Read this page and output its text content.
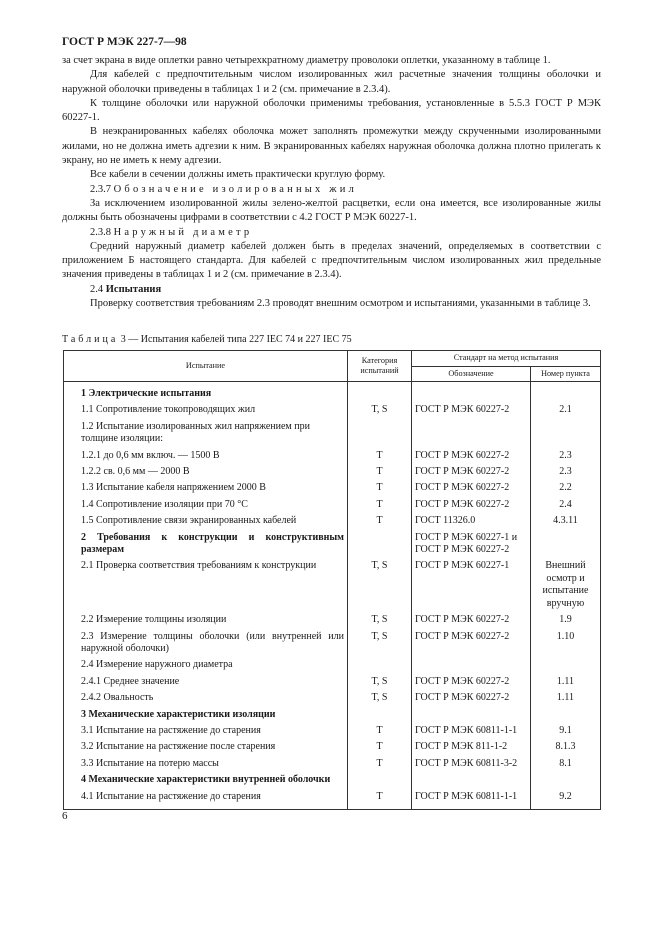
ГОСТ Р МЭК 227-7—98

за счет экрана в виде оплетки равно четырехкратному диаметру проволоки оплетки, указанному в таблице 1.

Для кабелей с предпочтительным числом изолированных жил расчетные значения толщины оболочки и наружной оболочки приведены в таблицах 1 и 2 (см. примечание в 2.3.4).

К толщине оболочки или наружной оболочки применимы требования, установленные в 5.5.3 ГОСТ Р МЭК 60227-1.

В неэкранированных кабелях оболочка может заполнять промежутки между скрученными изолированными жилами, но не должна иметь адгезии к ним. В экранированных кабелях наружная оболочка должна плотно прилегать к экрану, но не иметь к нему адгезии.

Все кабели в сечении должны иметь практически круглую форму.

2.3.7 Обозначение изолированных жил

За исключением изолированной жилы зелено-желтой расцветки, если она имеется, все изолированные жилы должны быть обозначены цифрами в соответствии с 4.2 ГОСТ Р МЭК 60227-1.

2.3.8 Наружный диаметр

Средний наружный диаметр кабелей должен быть в пределах значений, определяемых в соответствии с приложением Б настоящего стандарта. Для кабелей с предпочтительным числом изолированных жил предельные значения приведены в таблицах 1 и 2 (см. примечание в 2.3.4).

2.4 Испытания

Проверку соответствия требованиям 2.3 проводят внешним осмотром и испытаниями, указанными в таблице 3.

Таблица 3 — Испытания кабелей типа 227 IEC 74 и 227 IEC 75
Испытание	Категория испытаний	Стандарт на метод испытания	
		Обозначение	Номер пункта
1 Электрические испытания			
1.1 Сопротивление токопроводящих жил	T, S	ГОСТ Р МЭК 60227-2	2.1
1.2 Испытание изолированных жил напряжением при толщине изоляции:			
1.2.1 до 0,6 мм включ. — 1500 В	T	ГОСТ Р МЭК 60227-2	2.3
1.2.2 св. 0,6 мм — 2000 В	T	ГОСТ Р МЭК 60227-2	2.3
1.3 Испытание кабеля напряжением 2000 В	T	ГОСТ Р МЭК 60227-2	2.2
1.4 Сопротивление изоляции при 70 °С	T	ГОСТ Р МЭК 60227-2	2.4
1.5 Сопротивление связи экранированных кабелей	T	ГОСТ 11326.0	4.3.11
2 Требования к конструкции и конструктивным размерам		ГОСТ Р МЭК 60227-1 и ГОСТ Р МЭК 60227-2	
2.1 Проверка соответствия требованиям к конструкции	T, S	ГОСТ Р МЭК 60227-1	Внешний осмотр и испытание вручную
2.2 Измерение толщины изоляции	T, S	ГОСТ Р МЭК 60227-2	1.9
2.3 Измерение толщины оболочки (или внутренней или наружной оболочки)	T, S	ГОСТ Р МЭК 60227-2	1.10
2.4 Измерение наружного диаметра			
2.4.1 Среднее значение	T, S	ГОСТ Р МЭК 60227-2	1.11
2.4.2 Овальность	T, S	ГОСТ Р МЭК 60227-2	1.11
3 Механические характеристики изоляции			
3.1 Испытание на растяжение до старения	T	ГОСТ Р МЭК 60811-1-1	9.1
3.2 Испытание на растяжение после старения	T	ГОСТ Р МЭК 811-1-2	8.1.3
3.3 Испытание на потерю массы	T	ГОСТ Р МЭК 60811-3-2	8.1
4 Механические характеристики внутренней оболочки			
4.1 Испытание на растяжение до старения	T	ГОСТ Р МЭК 60811-1-1	9.2
6
